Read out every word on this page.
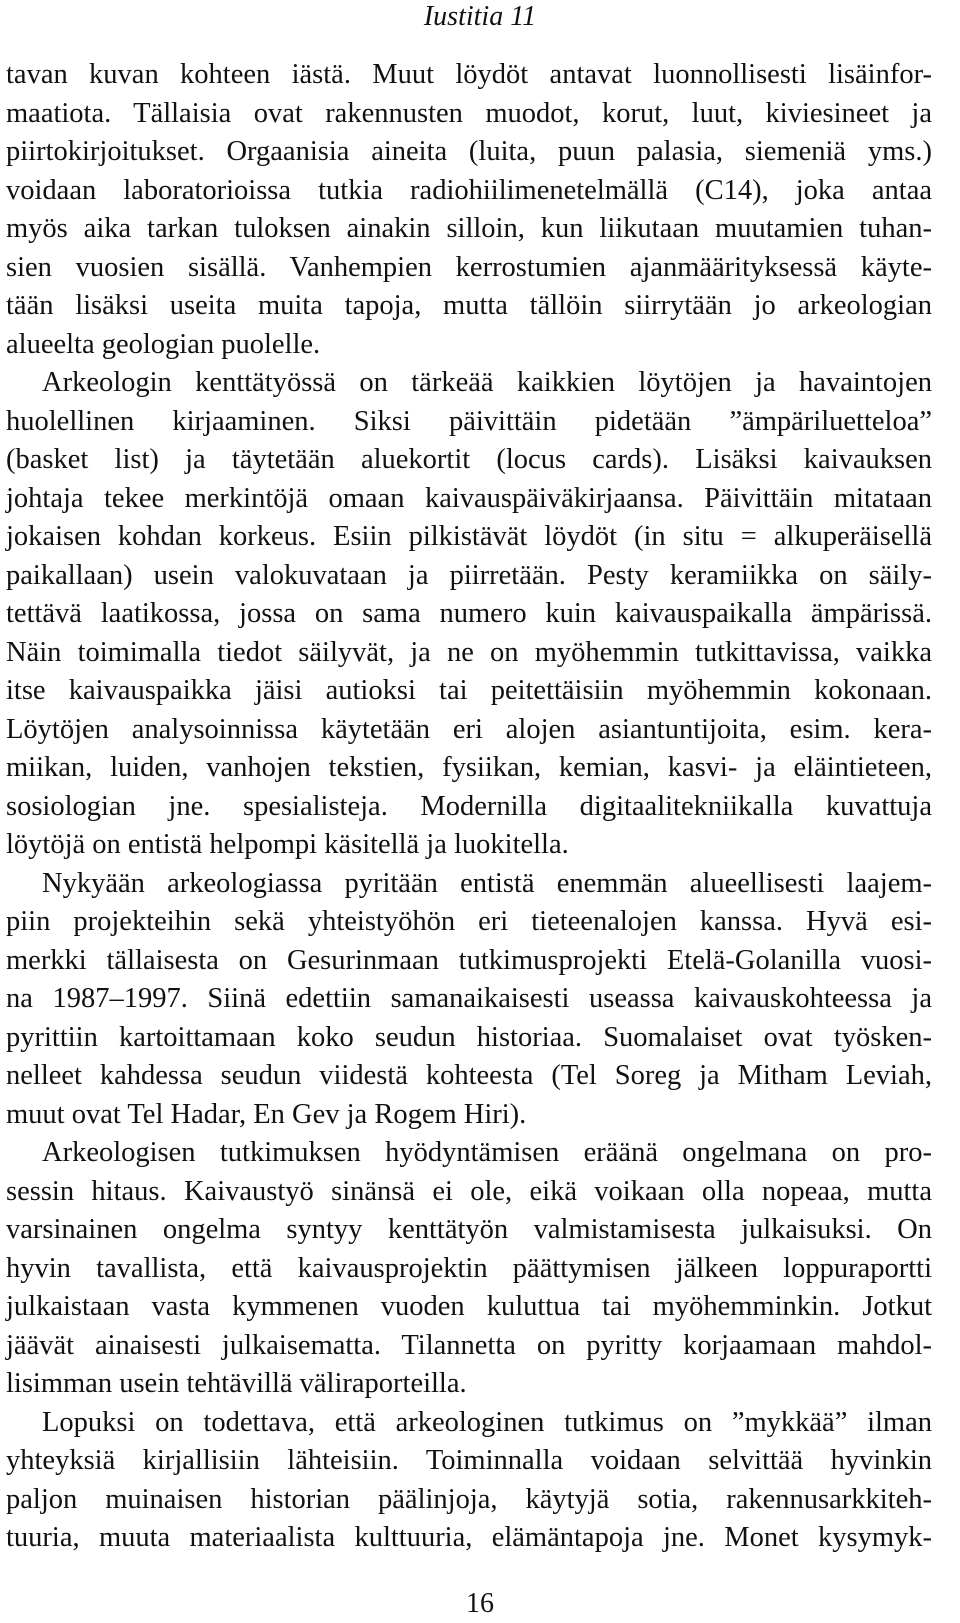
Iustitia 11
tavan kuvan kohteen iästä. Muut löydöt antavat luonnollisesti lisäinfor-
maatiota. Tällaisia ovat rakennusten muodot, korut, luut, kiviesineet ja
piirtokirjoitukset. Orgaanisia aineita (luita, puun palasia, siemeniä yms.)
voidaan laboratorioissa tutkia radiohiilimenetelmällä (C14), joka antaa
myös aika tarkan tuloksen ainakin silloin, kun liikutaan muutamien tuhan-
sien vuosien sisällä. Vanhempien kerrostumien ajanmäärityksessä käyte-
tään lisäksi useita muita tapoja, mutta tällöin siirrytään jo arkeologian
alueelta geologian puolelle.
Arkeologin kenttätyössä on tärkeää kaikkien löytöjen ja havaintojen
huolellinen kirjaaminen. Siksi päivittäin pidetään ”ämpäriluetteloa”
(basket list) ja täytetään aluekortit (locus cards). Lisäksi kaivauksen
johtaja tekee merkintöjä omaan kaivauspäiväkirjaansa. Päivittäin mitataan
jokaisen kohdan korkeus. Esiin pilkistävät löydöt (in situ = alkuperäisellä
paikallaan) usein valokuvataan ja piirretään. Pesty keramiikka on säily-
tettävä laatikossa, jossa on sama numero kuin kaivauspaikalla ämpärissä.
Näin toimimalla tiedot säilyvät, ja ne on myöhemmin tutkittavissa, vaikka
itse kaivauspaikka jäisi autioksi tai peitettäisiin myöhemmin kokonaan.
Löytöjen analysoinnissa käytetään eri alojen asiantuntijoita, esim. kera-
miikan, luiden, vanhojen tekstien, fysiikan, kemian, kasvi- ja eläintieteen,
sosiologian jne. spesialisteja. Modernilla digitaalitekniikalla kuvattuja
löytöjä on entistä helpompi käsitellä ja luokitella.
Nykyään arkeologiassa pyritään entistä enemmän alueellisesti laajem-
piin projekteihin sekä yhteistyöhön eri tieteenalojen kanssa. Hyvä esi-
merkki tällaisesta on Gesurinmaan tutkimusprojekti Etelä-Golanilla vuosi-
na 1987–1997. Siinä edettiin samanaikaisesti useassa kaivauskohteessa ja
pyrittiin kartoittamaan koko seudun historiaa. Suomalaiset ovat työsken-
nelleet kahdessa seudun viidestä kohteesta (Tel Soreg ja Mitham Leviah,
muut ovat Tel Hadar, En Gev ja Rogem Hiri).
Arkeologisen tutkimuksen hyödyntämisen eräänä ongelmana on pro-
sessin hitaus. Kaivaustyö sinänsä ei ole, eikä voikaan olla nopeaa, mutta
varsinainen ongelma syntyy kenttätyön valmistamisesta julkaisuksi. On
hyvin tavallista, että kaivausprojektin päättymisen jälkeen loppuraportti
julkaistaan vasta kymmenen vuoden kuluttua tai myöhemminkin. Jotkut
jäävät ainaisesti julkaisematta. Tilannetta on pyritty korjaamaan mahdol-
lisimman usein tehtävillä väliraporteilla.
Lopuksi on todettava, että arkeologinen tutkimus on ”mykkää” ilman
yhteyksiä kirjallisiin lähteisiin. Toiminnalla voidaan selvittää hyvinkin
paljon muinaisen historian päälinjoja, käytyjä sotia, rakennusarkkiteh-
tuuria, muuta materiaalista kulttuuria, elämäntapoja jne. Monet kysymyk-
16
